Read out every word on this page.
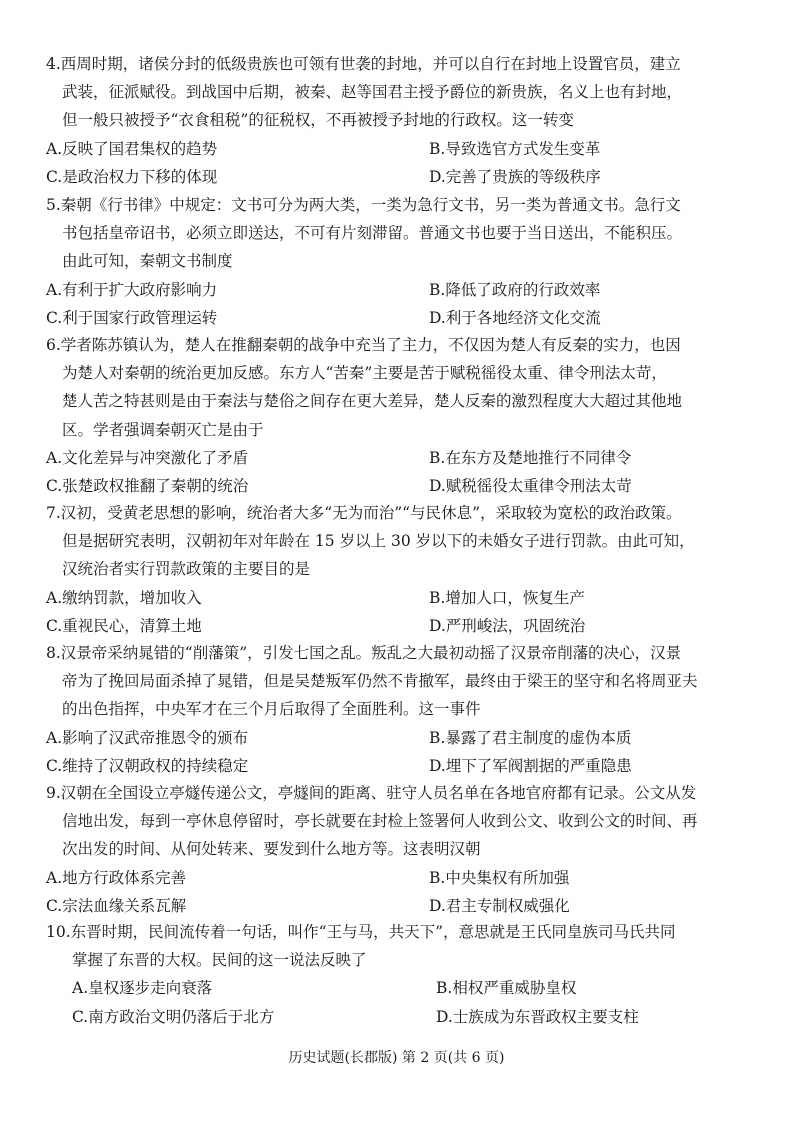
4.西周时期，诸侯分封的低级贵族也可领有世袭的封地，并可以自行在封地上设置官员，建立
武装，征派赋役。到战国中后期，被秦、赵等国君主授予爵位的新贵族，名义上也有封地，
但一般只被授予“衣食租税”的征税权，不再被授予封地的行政权。这一转变
A.反映了国君集权的趋势	B.导致选官方式发生变革
C.是政治权力下移的体现	D.完善了贵族的等级秩序
5.秦朝《行书律》中规定：文书可分为两大类，一类为急行文书，另一类为普通文书。急行文
书包括皇帝诏书，必须立即送达，不可有片刻滞留。普通文书也要于当日送出，不能积压。
由此可知，秦朝文书制度
A.有利于扩大政府影响力	B.降低了政府的行政效率
C.利于国家行政管理运转	D.利于各地经济文化交流
6.学者陈苏镇认为，楚人在推翻秦朝的战争中充当了主力，不仅因为楚人有反秦的实力，也因
为楚人对秦朝的统治更加反感。东方人“苦秦”主要是苦于赋税徭役太重、律令刑法太苛，
楚人苦之特甚则是由于秦法与楚俗之间存在更大差异，楚人反秦的激烈程度大大超过其他地
区。学者强调秦朝灭亡是由于
A.文化差异与冲突激化了矛盾	B.在东方及楚地推行不同律令
C.张楚政权推翻了秦朝的统治	D.赋税徭役太重律令刑法太苛
7.汉初，受黄老思想的影响，统治者大多“无为而治”“与民休息”，采取较为宽松的政治政策。
但是据研究表明，汉朝初年对年龄在 15 岁以上 30 岁以下的未婚女子进行罚款。由此可知，
汉统治者实行罚款政策的主要目的是
A.缴纳罚款，增加收入	B.增加人口，恢复生产
C.重视民心，清算土地	D.严刑峻法，巩固统治
8.汉景帝采纳晁错的“削藩策”，引发七国之乱。叛乱之大最初动摇了汉景帝削藩的决心，汉景
帝为了挽回局面杀掉了晁错，但是吴楚叛军仍然不肯撤军，最终由于梁王的坚守和名将周亚夫
的出色指挥，中央军才在三个月后取得了全面胜利。这一事件
A.影响了汉武帝推恩令的颁布	B.暴露了君主制度的虚伪本质
C.维持了汉朝政权的持续稳定	D.埋下了军阀割据的严重隐患
9.汉朝在全国设立亭燧传递公文，亭燧间的距离、驻守人员名单在各地官府都有记录。公文从发
信地出发，每到一亭休息停留时，亭长就要在封检上签署何人收到公文、收到公文的时间、再
次出发的时间、从何处转来、要发到什么地方等。这表明汉朝
A.地方行政体系完善	B.中央集权有所加强
C.宗法血缘关系瓦解	D.君主专制权威强化
10.东晋时期，民间流传着一句话，叫作“王与马，共天下”，意思就是王氏同皇族司马氏共同
掌握了东晋的大权。民间的这一说法反映了
A.皇权逐步走向衰落	B.相权严重威胁皇权
C.南方政治文明仍落后于北方	D.士族成为东晋政权主要支柱
历史试题(长郡版) 第 2 页(共 6 页)
